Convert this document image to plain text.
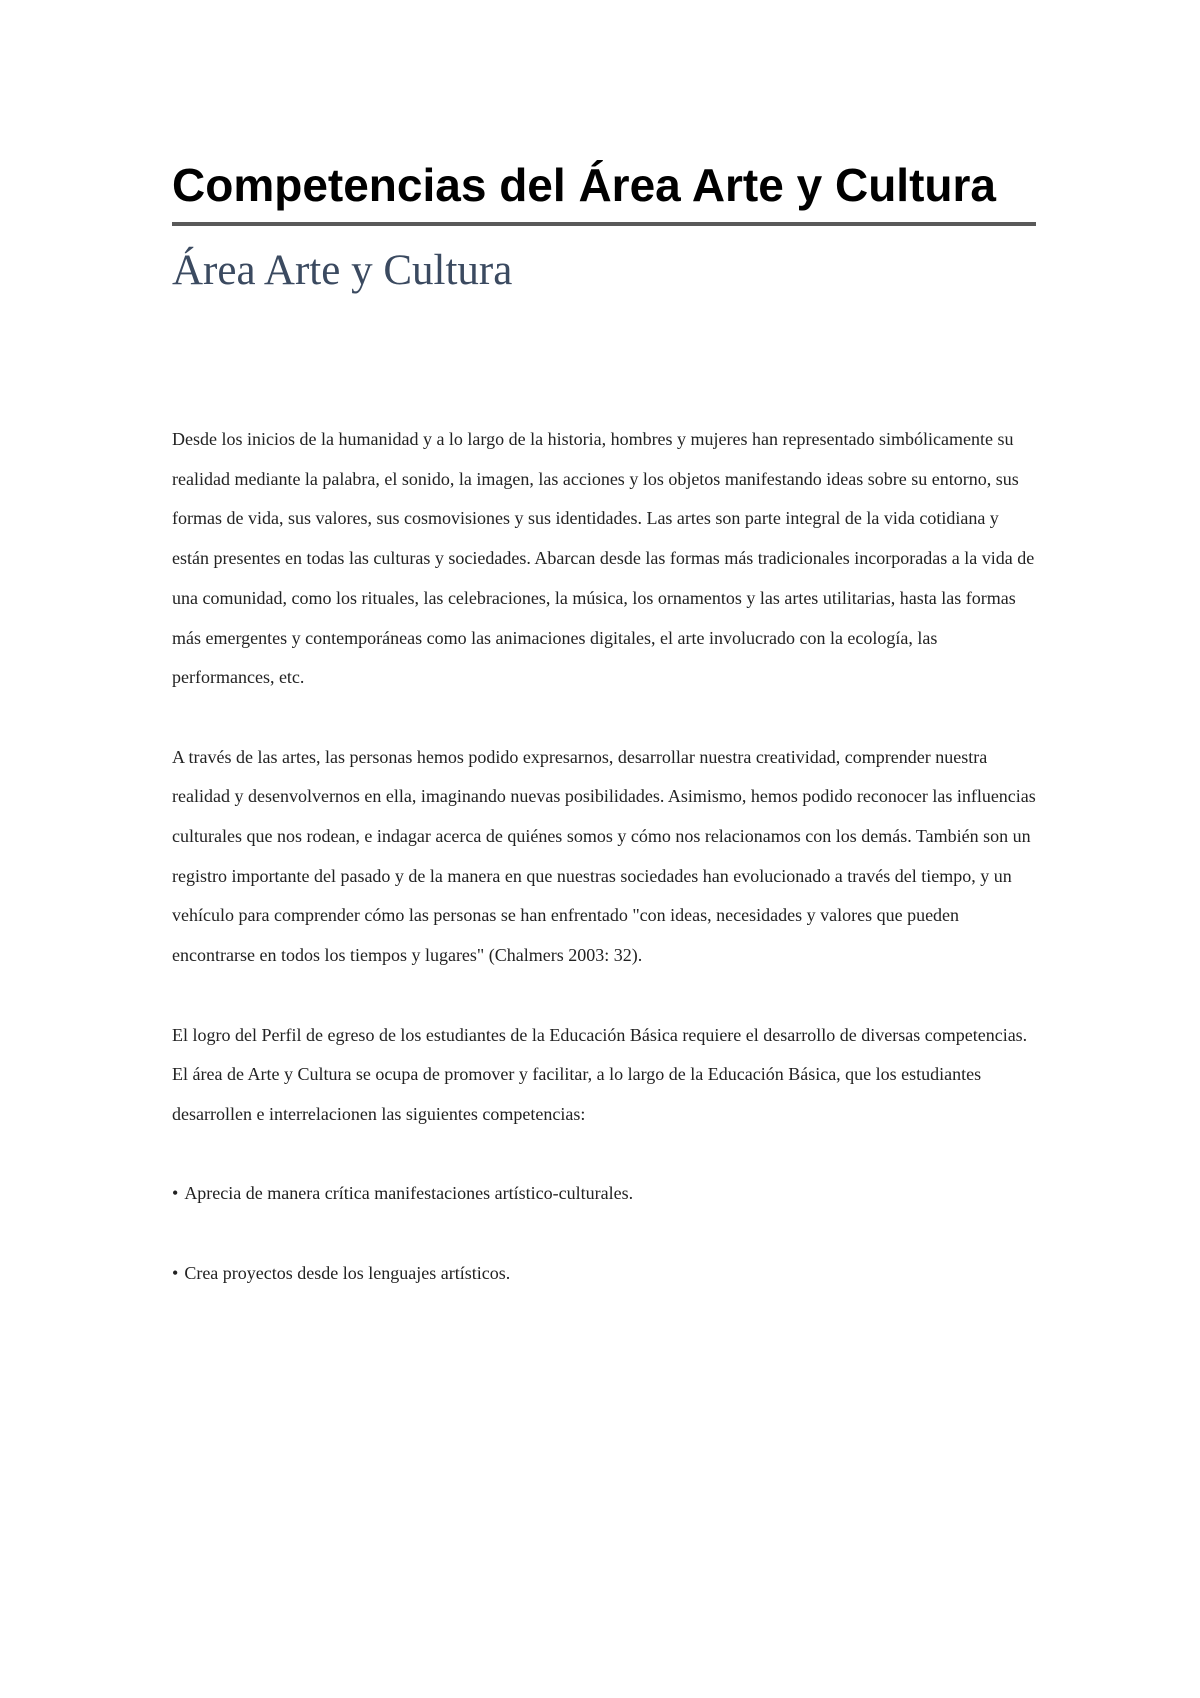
Competencias del Área Arte y Cultura
Área Arte y Cultura

Desde los inicios de la humanidad y a lo largo de la historia, hombres y mujeres han representado simbólicamente su realidad mediante la palabra, el sonido, la imagen, las acciones y los objetos manifestando ideas sobre su entorno, sus formas de vida, sus valores, sus cosmovisiones y sus identidades. Las artes son parte integral de la vida cotidiana y están presentes en todas las culturas y sociedades. Abarcan desde las formas más tradicionales incorporadas a la vida de una comunidad, como los rituales, las celebraciones, la música, los ornamentos y las artes utilitarias, hasta las formas más emergentes y contemporáneas como las animaciones digitales, el arte involucrado con la ecología, las performances, etc.

A través de las artes, las personas hemos podido expresarnos, desarrollar nuestra creatividad, comprender nuestra realidad y desenvolvernos en ella, imaginando nuevas posibilidades. Asimismo, hemos podido reconocer las influencias culturales que nos rodean, e indagar acerca de quiénes somos y cómo nos relacionamos con los demás. También son un registro importante del pasado y de la manera en que nuestras sociedades han evolucionado a través del tiempo, y un vehículo para comprender cómo las personas se han enfrentado "con ideas, necesidades y valores que pueden encontrarse en todos los tiempos y lugares" (Chalmers 2003: 32).

El logro del Perfil de egreso de los estudiantes de la Educación Básica requiere el desarrollo de diversas competencias. El área de Arte y Cultura se ocupa de promover y facilitar, a lo largo de la Educación Básica, que los estudiantes desarrollen e interrelacionen las siguientes competencias:

• Aprecia de manera crítica manifestaciones artístico-culturales.

• Crea proyectos desde los lenguajes artísticos.
